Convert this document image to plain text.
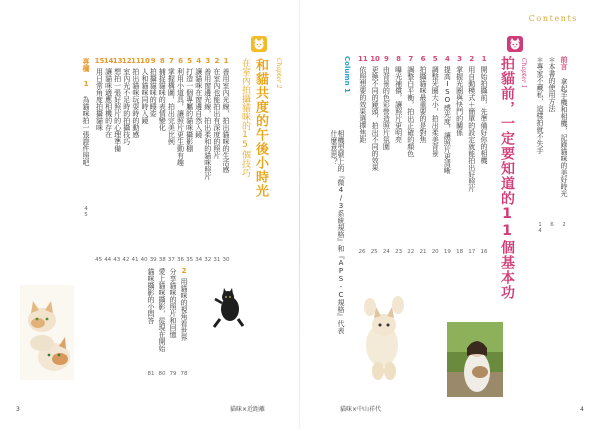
Contents
前言 拿起手機和相機，記錄貓咪的美好時光
2
＊本書的使用方法
6
＊專家不藏私，這樣拍就不失手
14
Chapter 1
拍貓前，一定要知道的11個基本功
1開始拍攝前，先準備好你的相機
16
2用自動模式＋簡單的設定就能拍出好照片
17
3掌握光圈與快門的關係
18
4提高ISO感光度，讓照片更清晰
19
5調整光圈大小，拍出柔美背景
20
6拍攝貓咪最重要的是對焦
21
7調整白平衡，拍出正確的顏色
22
8曝光補償，讓照片更明亮
23
9由背景的色彩營造照片氛圍
24
10更換不同的鏡頭，拍出不同的效果
25
11依照想要的效果選擇焦距
26
Column 1
相機型號上的『微4/3系統規格』和『APS-C規格』代表什麼意思？
4
貓咪×中山祥代
Chapter 2
和貓共度的午後小時光
在室內拍攝貓咪的15個技巧
1善用室內光線，拍出貓咪的生活感
30
2在室內也能拍出有深度的照片
31
3善用窗邊光線，拍出柔和的貓咪照片
32
4讓貓咪在窗邊自然入鏡
34
5打造一個專屬的貓咪攝影棚
35
6利用小道具，讓照片更生動有趣
36
7掌握構圖，拍出完美比例
37
8捕捉貓咪的表情變化
38
9拍攝貓咪的睡姿
39
10人和貓咪同時入鏡
40
11拍出貓咪玩耍時的動感
41
12室內光不足時的拍攝技巧
42
13想拍一張好照片的心理準備
43
14讓貓咪適應相機的存在
44
15用日常角度拍攝貓咪
45
專欄 1 為貓咪拍一張證件照吧
45
2用貓咪的視角看世界
78
分享貓咪的照片和回憶
79
愛上貓咪攝影，從現在開始
80
貓咪攝影的小問答
81
3	貓咪×近距離
